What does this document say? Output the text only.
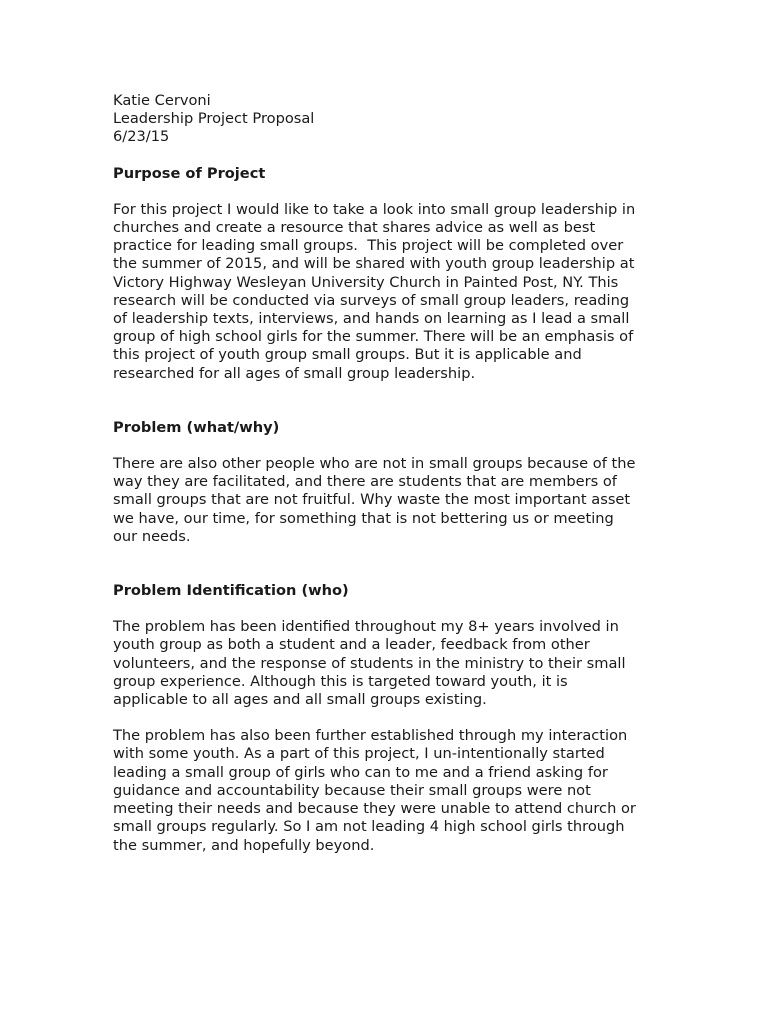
Katie Cervoni
Leadership Project Proposal
6/23/15
Purpose of Project
For this project I would like to take a look into small group leadership in
churches and create a resource that shares advice as well as best
practice for leading small groups.  This project will be completed over
the summer of 2015, and will be shared with youth group leadership at
Victory Highway Wesleyan University Church in Painted Post, NY. This
research will be conducted via surveys of small group leaders, reading
of leadership texts, interviews, and hands on learning as I lead a small
group of high school girls for the summer. There will be an emphasis of
this project of youth group small groups. But it is applicable and
researched for all ages of small group leadership.
Problem (what/why)
There are also other people who are not in small groups because of the
way they are facilitated, and there are students that are members of
small groups that are not fruitful. Why waste the most important asset
we have, our time, for something that is not bettering us or meeting
our needs.
Problem Identification (who)
The problem has been identified throughout my 8+ years involved in
youth group as both a student and a leader, feedback from other
volunteers, and the response of students in the ministry to their small
group experience. Although this is targeted toward youth, it is
applicable to all ages and all small groups existing.
The problem has also been further established through my interaction
with some youth. As a part of this project, I un-intentionally started
leading a small group of girls who can to me and a friend asking for
guidance and accountability because their small groups were not
meeting their needs and because they were unable to attend church or
small groups regularly. So I am not leading 4 high school girls through
the summer, and hopefully beyond.
